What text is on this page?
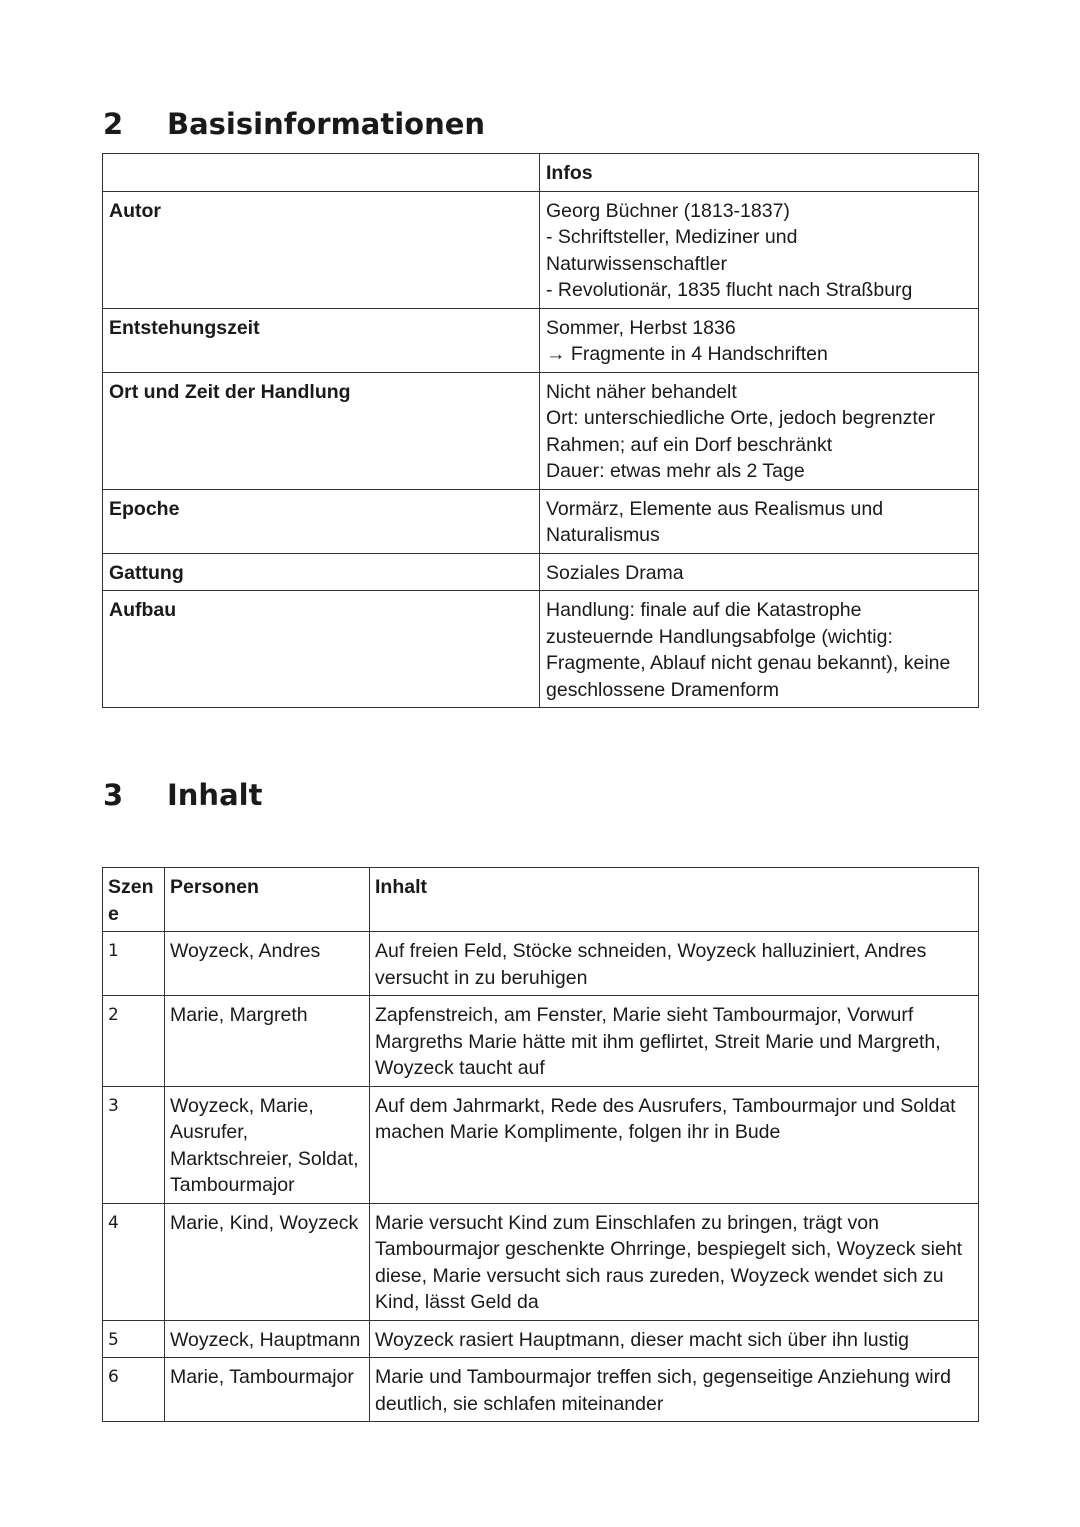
2 Basisinformationen
	Infos
Autor	Georg Büchner (1813-1837)
- Schriftsteller, Mediziner und
Naturwissenschaftler
- Revolutionär, 1835 flucht nach Straßburg
Entstehungszeit	Sommer, Herbst 1836
→ Fragmente in 4 Handschriften
Ort und Zeit der Handlung	Nicht näher behandelt
Ort: unterschiedliche Orte, jedoch begrenzter
Rahmen; auf ein Dorf beschränkt
Dauer: etwas mehr als 2 Tage
Epoche	Vormärz, Elemente aus Realismus und
Naturalismus
Gattung	Soziales Drama
Aufbau	Handlung: finale auf die Katastrophe
zusteuernde Handlungsabfolge (wichtig:
Fragmente, Ablauf nicht genau bekannt), keine
geschlossene Dramenform
3 Inhalt
Szen
e	Personen	Inhalt
1	Woyzeck, Andres	Auf freien Feld, Stöcke schneiden, Woyzeck halluziniert, Andres
versucht in zu beruhigen
2	Marie, Margreth	Zapfenstreich, am Fenster, Marie sieht Tambourmajor, Vorwurf
Margreths Marie hätte mit ihm geflirtet, Streit Marie und Margreth,
Woyzeck taucht auf
3	Woyzeck, Marie,
Ausrufer,
Marktschreier, Soldat,
Tambourmajor	Auf dem Jahrmarkt, Rede des Ausrufers, Tambourmajor und Soldat
machen Marie Komplimente, folgen ihr in Bude
4	Marie, Kind, Woyzeck	Marie versucht Kind zum Einschlafen zu bringen, trägt von
Tambourmajor geschenkte Ohrringe, bespiegelt sich, Woyzeck sieht
diese, Marie versucht sich raus zureden, Woyzeck wendet sich zu
Kind, lässt Geld da
5	Woyzeck, Hauptmann	Woyzeck rasiert Hauptmann, dieser macht sich über ihn lustig
6	Marie, Tambourmajor	Marie und Tambourmajor treffen sich, gegenseitige Anziehung wird
deutlich, sie schlafen miteinander
